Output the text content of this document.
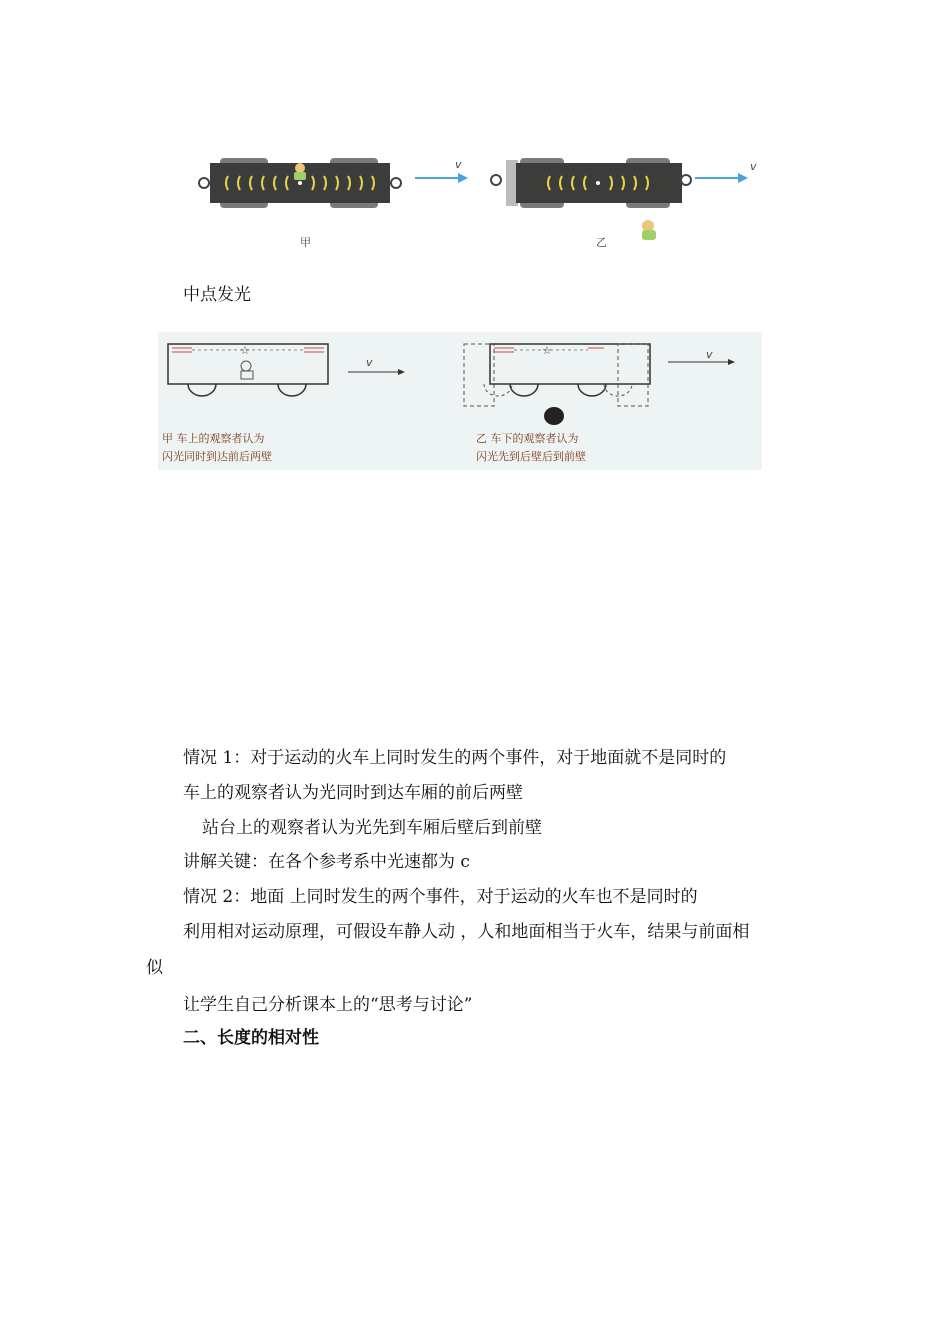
v
甲
v
乙
中点发光
☆
v
甲 车上的观察者认为
闪光同时到达前后两壁
☆	v
乙 车下的观察者认为
闪光先到后壁后到前壁
情况 1：对于运动的火车上同时发生的两个事件，对于地面就不是同时的
车上的观察者认为光同时到达车厢的前后两壁
站台上的观察者认为光先到车厢后壁后到前壁
讲解关键：在各个参考系中光速都为 c
情况 2：地面 上同时发生的两个事件，对于运动的火车也不是同时的
利用相对运动原理，可假设车静人动 ，人和地面相当于火车，结果与前面相
似
让学生自己分析课本上的“思考与讨论”
二、长度的相对性
